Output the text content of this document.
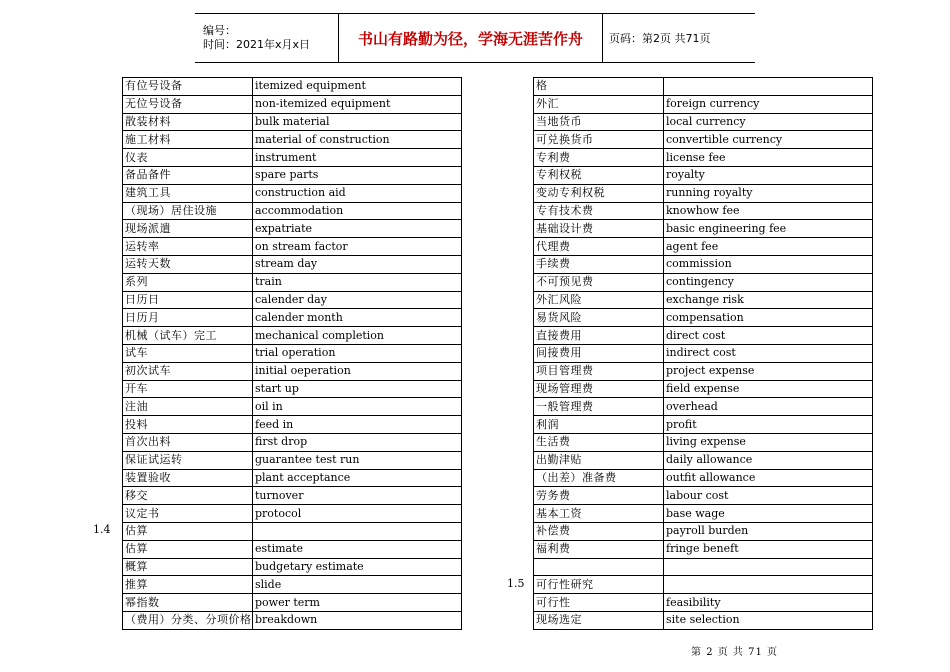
编号：
时间：2021年x月x日	书山有路勤为径，学海无涯苦作舟 页码：第2页 共71页
有位号设备	itemized equipment
无位号设备	non-itemized equipment
散装材料	bulk material
施工材料	material of construction
仪表	instrument
备品备件	spare parts
建筑工具	construction aid
（现场）居住设施	accommodation
现场派遣	expatriate
运转率	on stream factor
运转天数	stream day
系列	train
日历日	calender day
日历月	calender month
机械（试车）完工	mechanical completion
试车	trial operation
初次试车	initial oeperation
开车	start up
注油	oil in
投料	feed in
首次出料	first drop
保证试运转	guarantee test run
装置验收	plant acceptance
移交	turnover
议定书	protocol
估算	
估算	estimate
概算	budgetary estimate
推算	slide
幂指数	power term
（费用）分类、分项价格	breakdown
格	
外汇	foreign currency
当地货币	local currency
可兑换货币	convertible currency
专利费	license fee
专利权税	royalty
变动专利权税	running royalty
专有技术费	knowhow fee
基础设计费	basic engineering fee
代理费	agent fee
手续费	commission
不可预见费	contingency
外汇风险	exchange risk
易货风险	compensation
直接费用	direct cost
间接费用	indirect cost
项目管理费	project expense
现场管理费	field expense
一般管理费	overhead
利润	profit
生活费	living expense
出勤津贴	daily allowance
（出差）准备费	outfit allowance
劳务费	labour cost
基本工资	base wage
补偿费	payroll burden
福利费	fringe beneft

可行性研究	
可行性	feasibility
现场选定	site selection
1.4
1.5
第 2 页 共 71 页
